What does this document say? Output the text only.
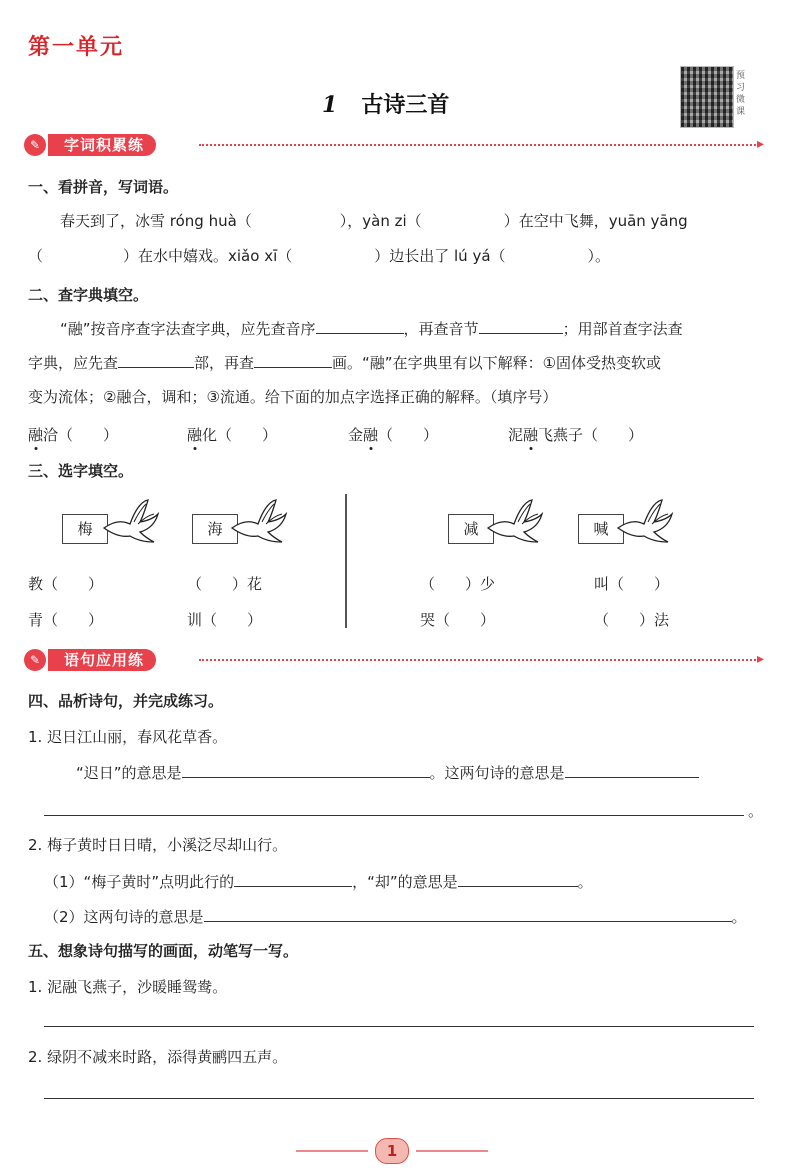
第一单元
1 古诗三首
预习微课
✎	字词积累练	▸
一、看拼音，写词语。
春天到了，冰雪 róng huà（	），yàn zi（	）在空中飞舞，yuān yāng
（	）在水中嬉戏。xiǎo xī（	）边长出了 lú yá（	）。
二、查字典填空。
“融”按音序查字法查字典，应先查音序	，再查音节	；用部首查字法查
字典，应先查	部，再查	画。“融”在字典里有以下解释：①固体受热变软或
变为流体；②融合，调和；③流通。给下面的加点字选择正确的解释。（填序号）
融洽（　　）	融化（　　）	金融（　　）	泥融飞燕子（　　）
三、选字填空。
梅	海	减	喊
教（　　）	（　　）花
青（　　）	训（　　）
（　　）少	叫（　　）
哭（　　）	（　　）法
✎	语句应用练	▸
四、品析诗句，并完成练习。
1. 迟日江山丽，春风花草香。
“迟日”的意思是	。这两句诗的意思是
。
2. 梅子黄时日日晴，小溪泛尽却山行。
（1）“梅子黄时”点明此行的	，“却”的意思是	。
（2）这两句诗的意思是	。
五、想象诗句描写的画面，动笔写一写。
1. 泥融飞燕子，沙暖睡鸳鸯。
2. 绿阴不减来时路，添得黄鹂四五声。
1
